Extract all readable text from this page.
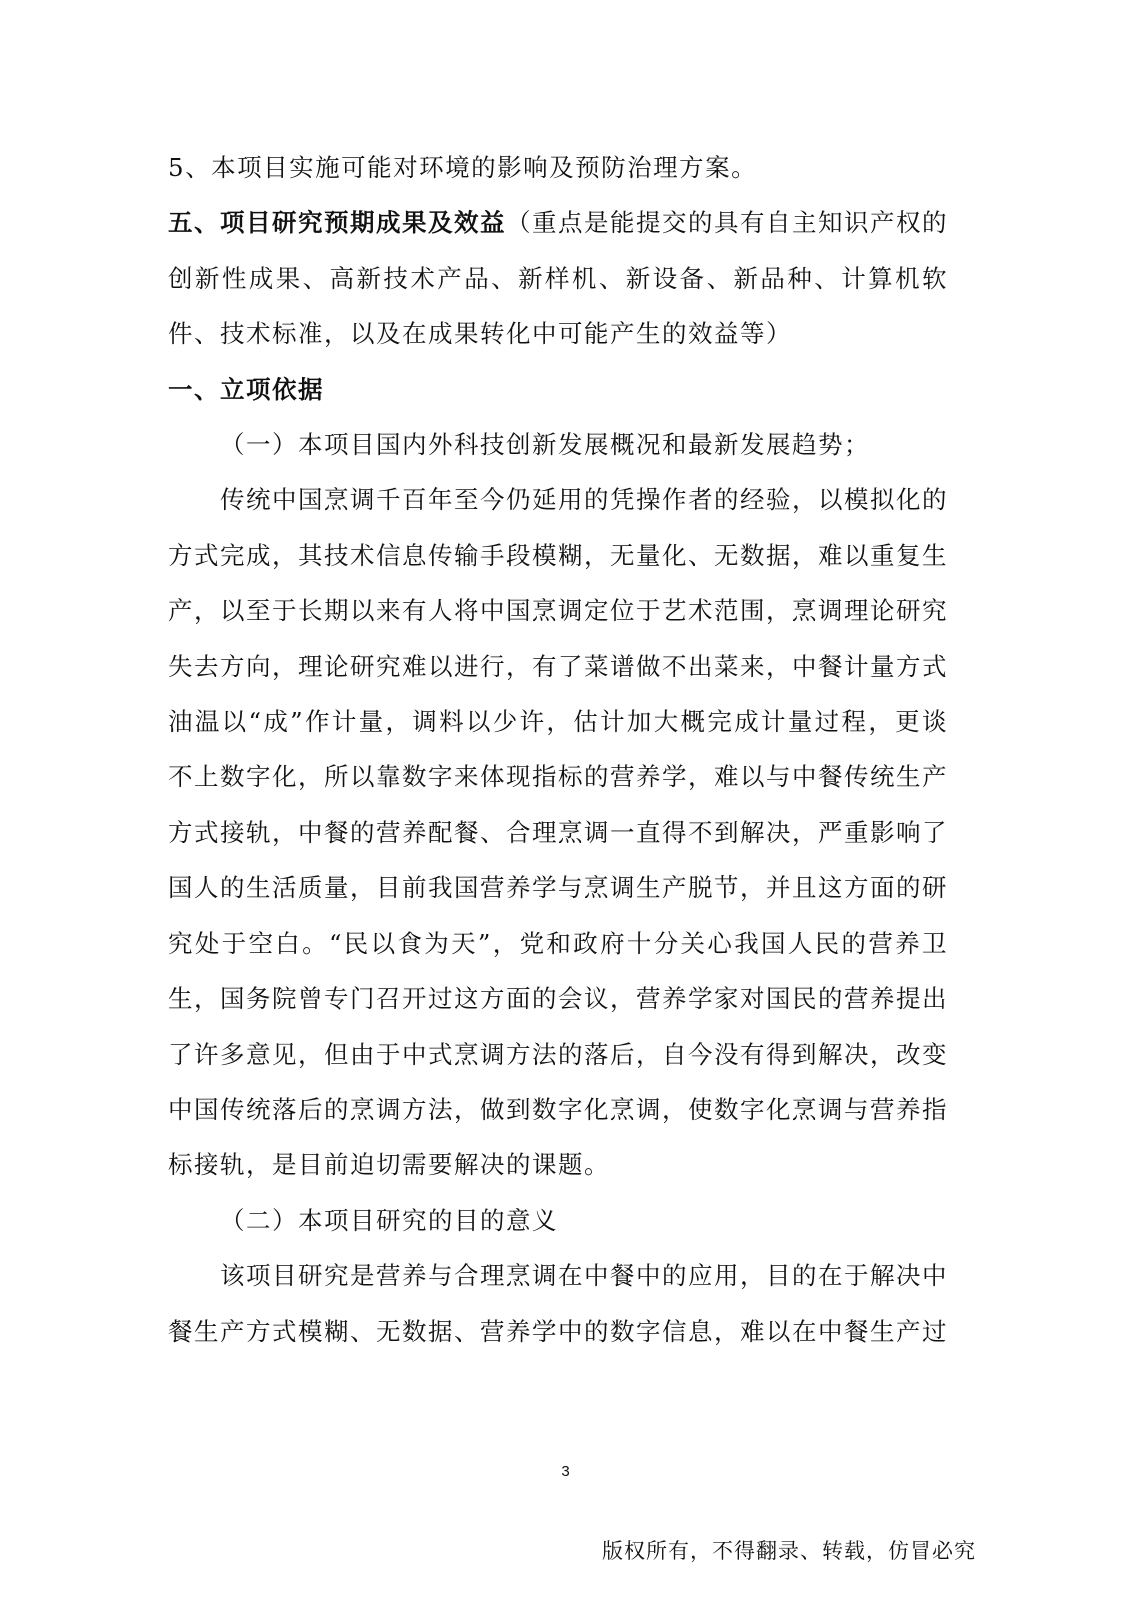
5、本项目实施可能对环境的影响及预防治理方案。

五、项目研究预期成果及效益（重点是能提交的具有自主知识产权的创新性成果、高新技术产品、新样机、新设备、新品种、计算机软件、技术标准，以及在成果转化中可能产生的效益等）

一、立项依据

（一）本项目国内外科技创新发展概况和最新发展趋势；

传统中国烹调千百年至今仍延用的凭操作者的经验，以模拟化的方式完成，其技术信息传输手段模糊，无量化、无数据，难以重复生产，以至于长期以来有人将中国烹调定位于艺术范围，烹调理论研究失去方向，理论研究难以进行，有了菜谱做不出菜来，中餐计量方式油温以“成”作计量，调料以少许，估计加大概完成计量过程，更谈不上数字化，所以靠数字来体现指标的营养学，难以与中餐传统生产方式接轨，中餐的营养配餐、合理烹调一直得不到解决，严重影响了国人的生活质量，目前我国营养学与烹调生产脱节，并且这方面的研究处于空白。“民以食为天”，党和政府十分关心我国人民的营养卫生，国务院曾专门召开过这方面的会议，营养学家对国民的营养提出了许多意见，但由于中式烹调方法的落后，自今没有得到解决，改变中国传统落后的烹调方法，做到数字化烹调，使数字化烹调与营养指标接轨，是目前迫切需要解决的课题。

（二）本项目研究的目的意义

该项目研究是营养与合理烹调在中餐中的应用，目的在于解决中餐生产方式模糊、无数据、营养学中的数字信息，难以在中餐生产过

3
版权所有，不得翻录、转载，仿冒必究
